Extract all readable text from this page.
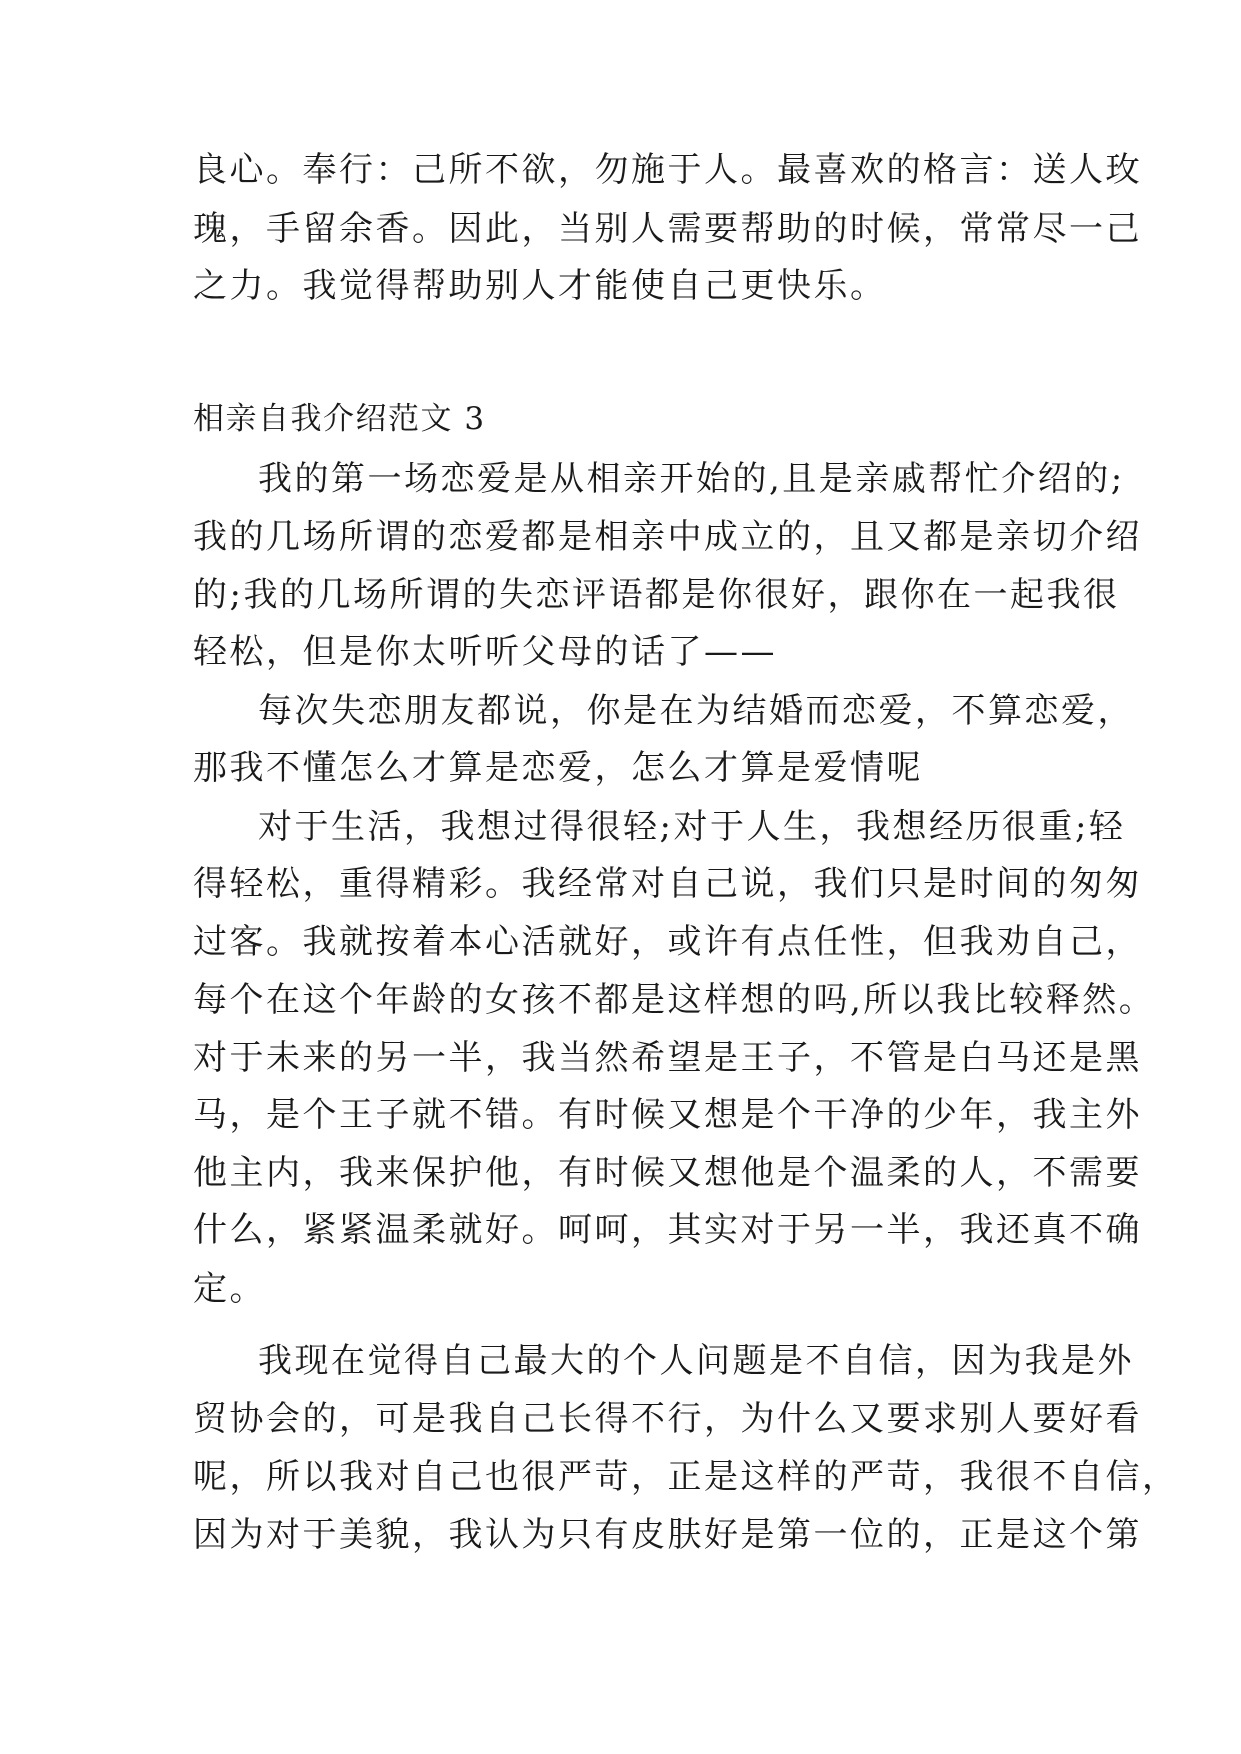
良心。奉行：己所不欲，勿施于人。最喜欢的格言：送人玫
瑰，手留余香。因此，当别人需要帮助的时候，常常尽一己
之力。我觉得帮助别人才能使自己更快乐。
相亲自我介绍范文 3
我的第一场恋爱是从相亲开始的,且是亲戚帮忙介绍的;
我的几场所谓的恋爱都是相亲中成立的，且又都是亲切介绍
的;我的几场所谓的失恋评语都是你很好，跟你在一起我很
轻松，但是你太听听父母的话了——
每次失恋朋友都说，你是在为结婚而恋爱，不算恋爱，
那我不懂怎么才算是恋爱，怎么才算是爱情呢
对于生活，我想过得很轻;对于人生，我想经历很重;轻
得轻松，重得精彩。我经常对自己说，我们只是时间的匆匆
过客。我就按着本心活就好，或许有点任性，但我劝自己，
每个在这个年龄的女孩不都是这样想的吗,所以我比较释然。
对于未来的另一半，我当然希望是王子，不管是白马还是黑
马，是个王子就不错。有时候又想是个干净的少年，我主外
他主内，我来保护他，有时候又想他是个温柔的人，不需要
什么，紧紧温柔就好。呵呵，其实对于另一半，我还真不确
定。
我现在觉得自己最大的个人问题是不自信，因为我是外
贸协会的，可是我自己长得不行，为什么又要求别人要好看
呢，所以我对自己也很严苛，正是这样的严苛，我很不自信，
因为对于美貌，我认为只有皮肤好是第一位的，正是这个第
